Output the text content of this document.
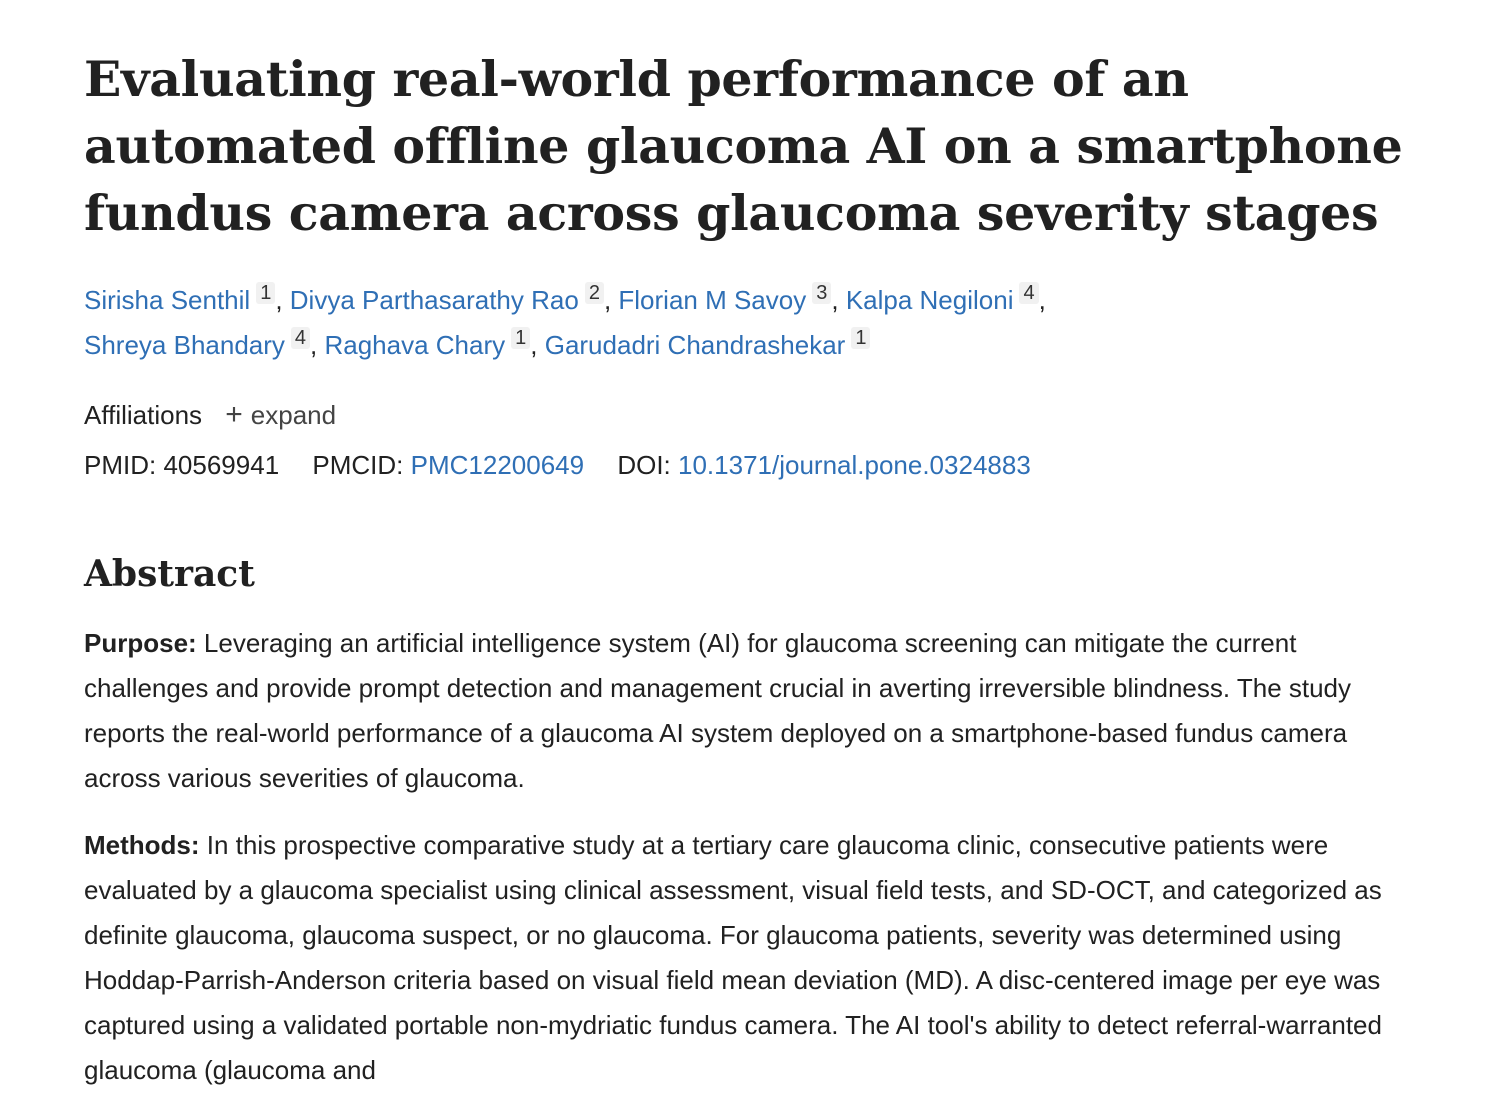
Evaluating real-world performance of an automated offline glaucoma AI on a smartphone fundus camera across glaucoma severity stages
Sirisha Senthil 1 , Divya Parthasarathy Rao 2 , Florian M Savoy 3 , Kalpa Negiloni 4 ,
Shreya Bhandary 4 , Raghava Chary 1 , Garudadri Chandrashekar 1
Affiliations + expand
PMID: 40569941 PMCID: PMC12200649 DOI: 10.1371/journal.pone.0324883
Abstract

Purpose: Leveraging an artificial intelligence system (AI) for glaucoma screening can mitigate the current challenges and provide prompt detection and management crucial in averting irreversible blindness. The study reports the real-world performance of a glaucoma AI system deployed on a smartphone-based fundus camera across various severities of glaucoma.

Methods: In this prospective comparative study at a tertiary care glaucoma clinic, consecutive patients were evaluated by a glaucoma specialist using clinical assessment, visual field tests, and SD-OCT, and categorized as definite glaucoma, glaucoma suspect, or no glaucoma. For glaucoma patients, severity was determined using Hoddap-Parrish-Anderson criteria based on visual field mean deviation (MD). A disc-centered image per eye was captured using a validated portable non-mydriatic fundus camera. The AI tool's ability to detect referral-warranted glaucoma (glaucoma and
